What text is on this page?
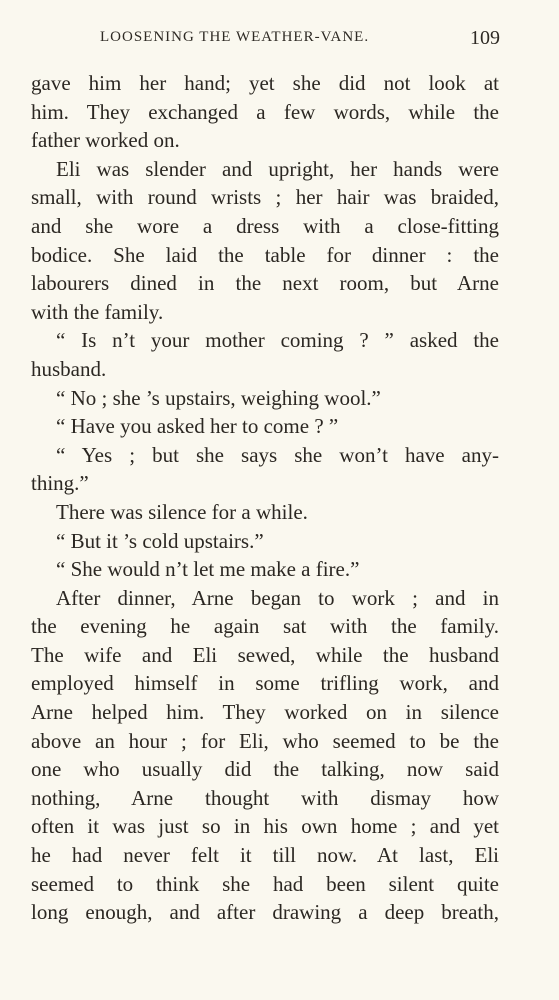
LOOSENING THE WEATHER-VANE.	109
gave him her hand; yet she did not look at
him. They exchanged a few words, while the
father worked on.
Eli was slender and upright, her hands were
small, with round wrists ; her hair was braided,
and she wore a dress with a close-fitting
bodice. She laid the table for dinner : the
labourers dined in the next room, but Arne
with the family.
“ Is n’t your mother coming ? ” asked the
husband.
“ No ; she ’s upstairs, weighing wool.”
“ Have you asked her to come ? ”
“ Yes ; but she says she won’t have any-
thing.”
There was silence for a while.
“ But it ’s cold upstairs.”
“ She would n’t let me make a fire.”
After dinner, Arne began to work ; and in
the evening he again sat with the family.
The wife and Eli sewed, while the husband
employed himself in some trifling work, and
Arne helped him. They worked on in silence
above an hour ; for Eli, who seemed to be the
one who usually did the talking, now said
nothing, Arne thought with dismay how
often it was just so in his own home ; and yet
he had never felt it till now. At last, Eli
seemed to think she had been silent quite
long enough, and after drawing a deep breath,
